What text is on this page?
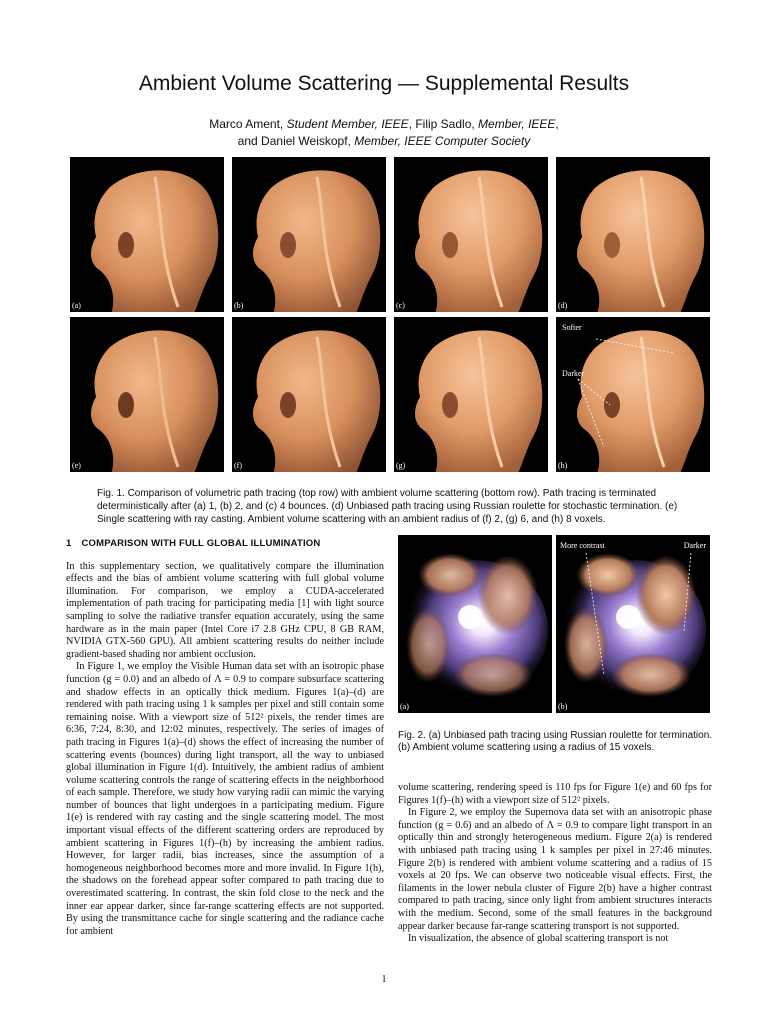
Ambient Volume Scattering — Supplemental Results
Marco Ament, Student Member, IEEE, Filip Sadlo, Member, IEEE,
and Daniel Weiskopf, Member, IEEE Computer Society
(a)	(b)	(c)	(d)
(e)	(f)	(g)
Softer
Darker
(h)
Fig. 1. Comparison of volumetric path tracing (top row) with ambient volume scattering (bottom row). Path tracing is terminated deterministically after (a) 1, (b) 2, and (c) 4 bounces. (d) Unbiased path tracing using Russian roulette for stochastic termination. (e) Single scattering with ray casting. Ambient volume scattering with an ambient radius of (f) 2, (g) 6, and (h) 8 voxels.
1 COMPARISON WITH FULL GLOBAL ILLUMINATION

In this supplementary section, we qualitatively compare the illumination effects and the bias of ambient volume scattering with full global volume illumination. For comparison, we employ a CUDA-accelerated implementation of path tracing for participating media [1] with light source sampling to solve the radiative transfer equation accurately, using the same hardware as in the main paper (Intel Core i7 2.8 GHz CPU, 8 GB RAM, NVIDIA GTX-560 GPU). All ambient scattering results do neither include gradient-based shading nor ambient occlusion.

In Figure 1, we employ the Visible Human data set with an isotropic phase function (g = 0.0) and an albedo of Λ = 0.9 to compare subsurface scattering and shadow effects in an optically thick medium. Figures 1(a)–(d) are rendered with path tracing using 1 k samples per pixel and still contain some remaining noise. With a viewport size of 512² pixels, the render times are 6:36, 7:24, 8:30, and 12:02 minutes, respectively. The series of images of path tracing in Figures 1(a)–(d) shows the effect of increasing the number of scattering events (bounces) during light transport, all the way to unbiased global illumination in Figure 1(d). Intuitively, the ambient radius of ambient volume scattering controls the range of scattering effects in the neighborhood of each sample. Therefore, we study how varying radii can mimic the varying number of bounces that light undergoes in a participating medium. Figure 1(e) is rendered with ray casting and the single scattering model. The most important visual effects of the different scattering orders are reproduced by ambient scattering in Figures 1(f)–(h) by increasing the ambient radius. However, for larger radii, bias increases, since the assumption of a homogeneous neighborhood becomes more and more invalid. In Figure 1(h), the shadows on the forehead appear softer compared to path tracing due to overestimated scattering. In contrast, the skin fold close to the neck and the inner ear appear darker, since far-range scattering effects are not supported. By using the transmittance cache for single scattering and the radiance cache for ambient

(a)
More contrast	Darker
(b)
Fig. 2. (a) Unbiased path tracing using Russian roulette for termination. (b) Ambient volume scattering using a radius of 15 voxels.

volume scattering, rendering speed is 110 fps for Figure 1(e) and 60 fps for Figures 1(f)–(h) with a viewport size of 512² pixels.

In Figure 2, we employ the Supernova data set with an anisotropic phase function (g = 0.6) and an albedo of Λ = 0.9 to compare light transport in an optically thin and strongly heterogeneous medium. Figure 2(a) is rendered with unbiased path tracing using 1 k samples per pixel in 27:46 minutes. Figure 2(b) is rendered with ambient volume scattering and a radius of 15 voxels at 20 fps. We can observe two noticeable visual effects. First, the filaments in the lower nebula cluster of Figure 2(b) have a higher contrast compared to path tracing, since only light from ambient structures interacts with the medium. Second, some of the small features in the background appear darker because far-range scattering transport is not supported.

In visualization, the absence of global scattering transport is not

1
